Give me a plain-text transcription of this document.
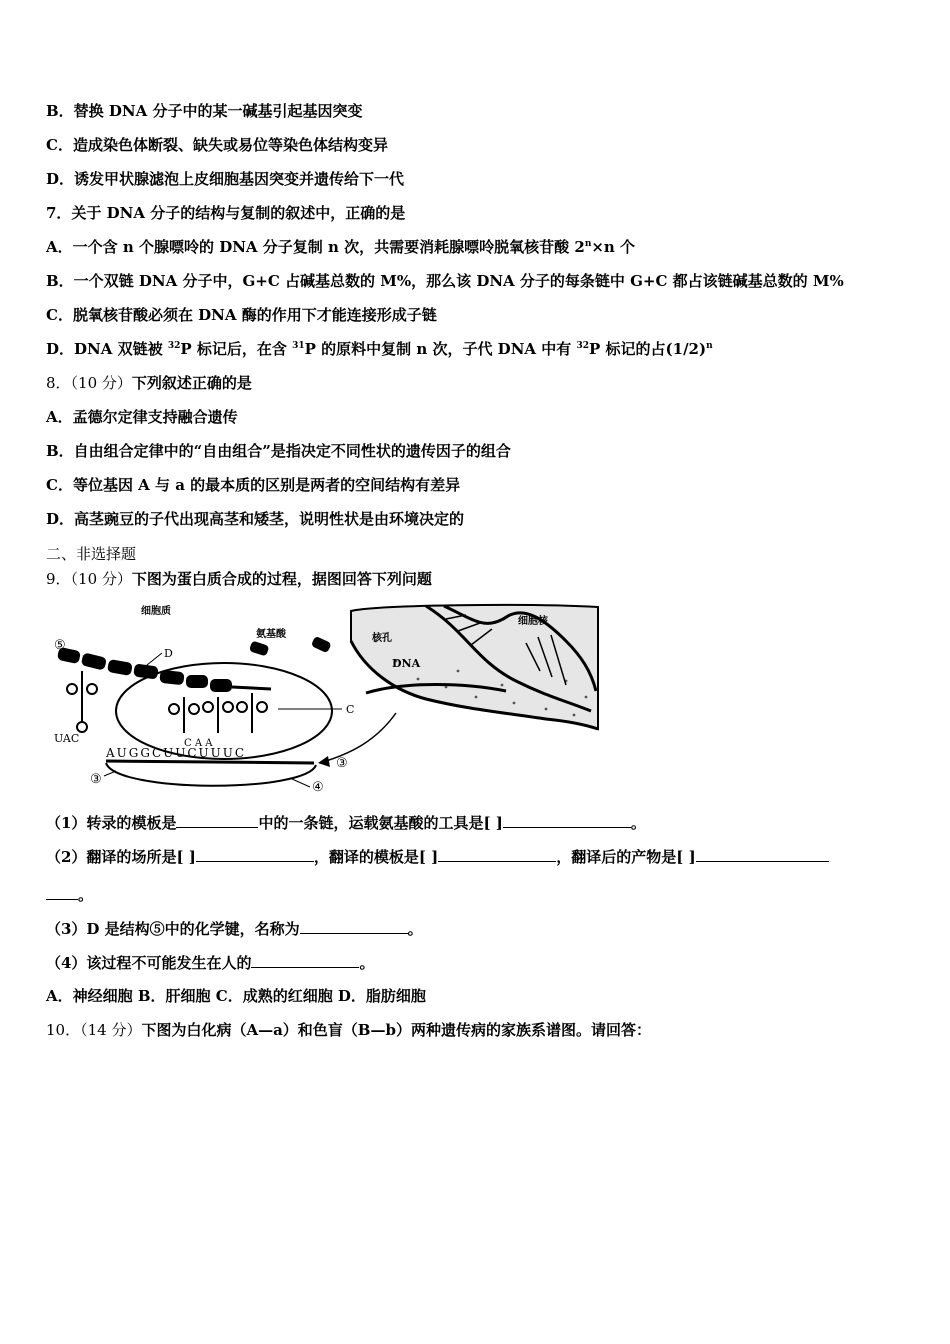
B．替换 DNA 分子中的某一碱基引起基因突变
C．造成染色体断裂、缺失或易位等染色体结构变异
D．诱发甲状腺滤泡上皮细胞基因突变并遗传给下一代
7．关于 DNA 分子的结构与复制的叙述中，正确的是
A．一个含 n 个腺嘌呤的 DNA 分子复制 n 次，共需要消耗腺嘌呤脱氧核苷酸 $2^n\times n$ 个
B．一个双链 DNA 分子中，G+C 占碱基总数的 M%，那么该 DNA 分子的每条链中 G+C 都占该链碱基总数的 M%
C．脱氧核苷酸必须在 DNA 酶的作用下才能连接形成子链
D．DNA 双链被 $^{32}$P 标记后，在含 $^{31}$P 的原料中复制 n 次，子代 DNA 中有 $^{32}$P 标记的占$(1/2)^n$
8．（10 分）下列叙述正确的是
A．孟德尔定律支持融合遗传
B．自由组合定律中的“自由组合”是指决定不同性状的遗传因子的组合
C．等位基因 A 与 a 的最本质的区别是两者的空间结构有差异
D．高茎豌豆的子代出现高茎和矮茎，说明性状是由环境决定的
二、非选择题
9．（10 分）下图为蛋白质合成的过程，据图回答下列问题
核孔
DNA
细胞核
细胞质
氨基酸
⑤
D
UAC	C A A
C
AUGGCUUCUUUC
③
③
④
（1）转录的模板是	中的一条链，运载氨基酸的工具是[ ]	。
（2）翻译的场所是[ ]	，翻译的模板是[ ]	，翻译后的产物是[ ]
。
（3）D 是结构⑤中的化学键，名称为	。
（4）该过程不可能发生在人的	。
A．神经细胞 B．肝细胞 C．成熟的红细胞 D．脂肪细胞
10．（14 分）下图为白化病（A—a）和色盲（B—b）两种遗传病的家族系谱图。请回答：
